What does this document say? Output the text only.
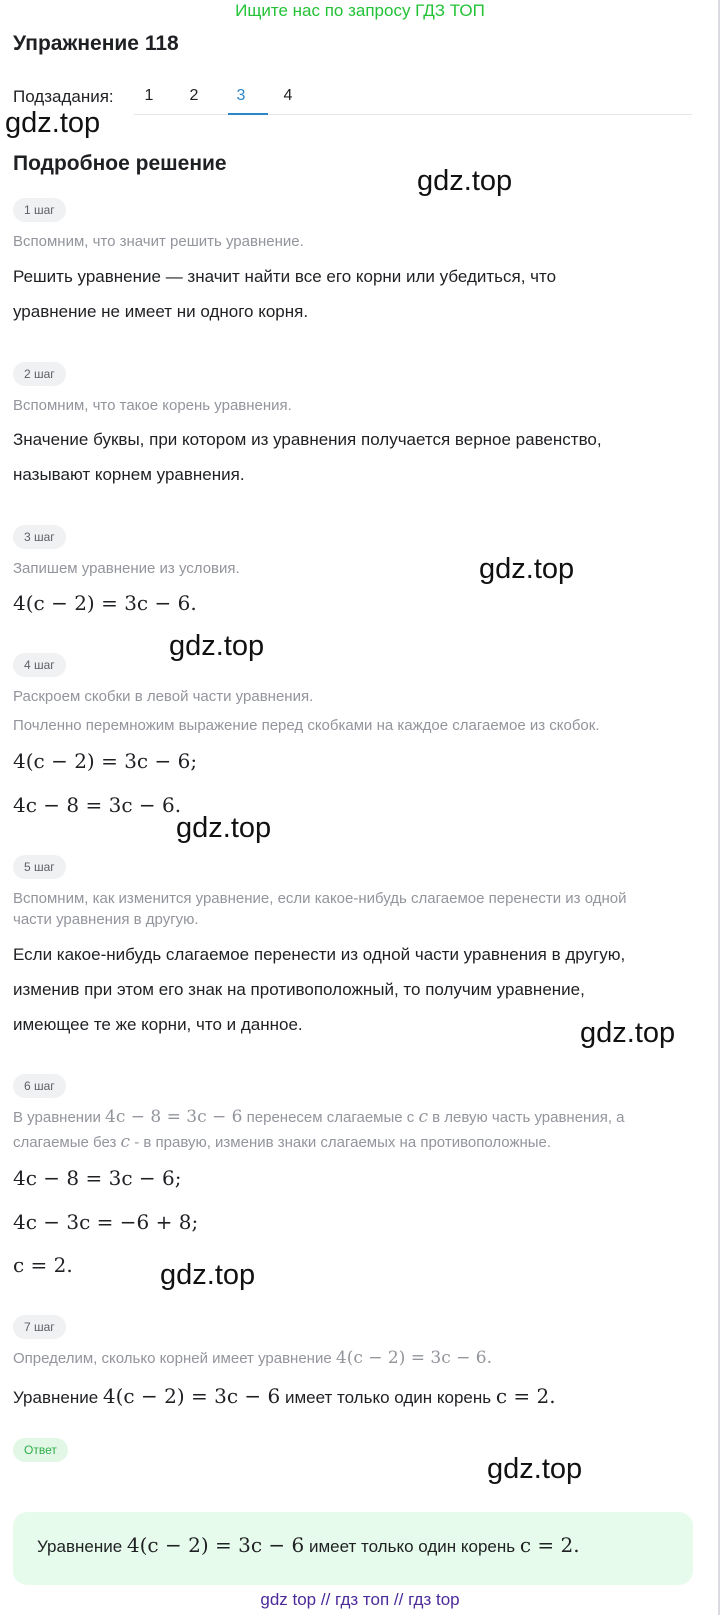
Ищите нас по запросу ГДЗ ТОП
Упражнение 118
Подзадания:	1	2	3	4
gdz.top
Подробное решение
gdz.top
1 шаг
Вспомним, что значит решить уравнение.
Решить уравнение — значит найти все его корни или убедиться, что
уравнение не имеет ни одного корня.
2 шаг
Вспомним, что такое корень уравнения.
Значение буквы, при котором из уравнения получается верное равенство,
называют корнем уравнения.
3 шаг
Запишем уравнение из условия.
4(c − 2) = 3c − 6.
gdz.top
gdz.top
4 шаг
Раскроем скобки в левой части уравнения.
Почленно перемножим выражение перед скобками на каждое слагаемое из скобок.
4(c − 2) = 3c − 6;
4c − 8 = 3c − 6.
gdz.top
5 шаг
Вспомним, как изменится уравнение, если какое-нибудь слагаемое перенести из одной
части уравнения в другую.
Если какое-нибудь слагаемое перенести из одной части уравнения в другую,
изменив при этом его знак на противоположный, то получим уравнение,
имеющее те же корни, что и данное.	gdz.top
6 шаг
В уравнении 4c − 8 = 3c − 6 перенесем слагаемые с c в левую часть уравнения, а
слагаемые без c - в правую, изменив знаки слагаемых на противоположные.
4c − 8 = 3c − 6;
4c − 3c = −6 + 8;
c = 2.	gdz.top
7 шаг
Определим, сколько корней имеет уравнение 4(c − 2) = 3c − 6.
Уравнение 4(c − 2) = 3c − 6 имеет только один корень c = 2.
Ответ
Уравнение 4(c − 2) = 3c − 6 имеет только один корень c = 2.
gdz.top
gdz top // гдз топ // гдз top
